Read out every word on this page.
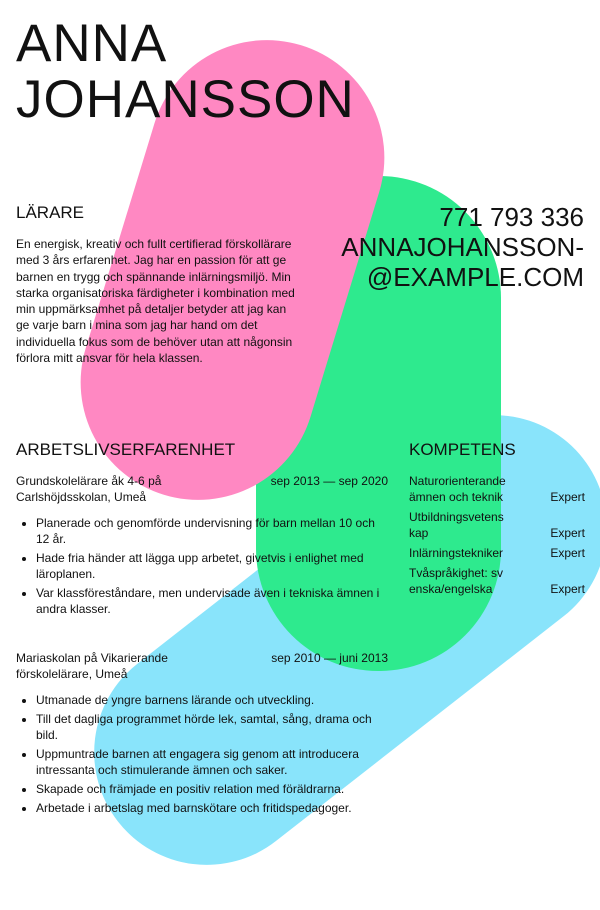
ANNA
JOHANSSON
LÄRARE
En energisk, kreativ och fullt certifierad förskollärare med 3 års erfarenhet. Jag har en passion för att ge barnen en trygg och spännande inlärningsmiljö. Min starka organisatoriska färdigheter i kombination med min uppmärksamhet på detaljer betyder att jag kan ge varje barn i mina som jag har hand om det individuella fokus som de behöver utan att någonsin förlora mitt ansvar för hela klassen.
771 793 336
ANNAJOHANSSON-
@EXAMPLE.COM
ARBETSLIVSERFARENHET
Grundskolelärare åk 4-6 på Carlshöjdsskolan, Umeå
sep 2013 — sep 2020
• Planerade och genomförde undervisning för barn mellan 10 och 12 år.
• Hade fria händer att lägga upp arbetet, givetvis i enlighet med läroplanen.
• Var klassföreståndare, men undervisade även i tekniska ämnen i andra klasser.
Mariaskolan på Vikarierande förskolelärare, Umeå
sep 2010 — juni 2013
• Utmanade de yngre barnens lärande och utveckling.
• Till det dagliga programmet hörde lek, samtal, sång, drama och bild.
• Uppmuntrade barnen att engagera sig genom att introducera intressanta och stimulerande ämnen och saker.
• Skapade och främjade en positiv relation med föräldrarna.
• Arbetade i arbetslag med barnskötare och fritidspedagoger.
KOMPETENS
Naturorienterande ämnen och teknik	Expert
Utbildningsvetenskap	Expert
Inlärningstekniker	Expert
Tvåspråkighet: svenska/engelska	Expert
